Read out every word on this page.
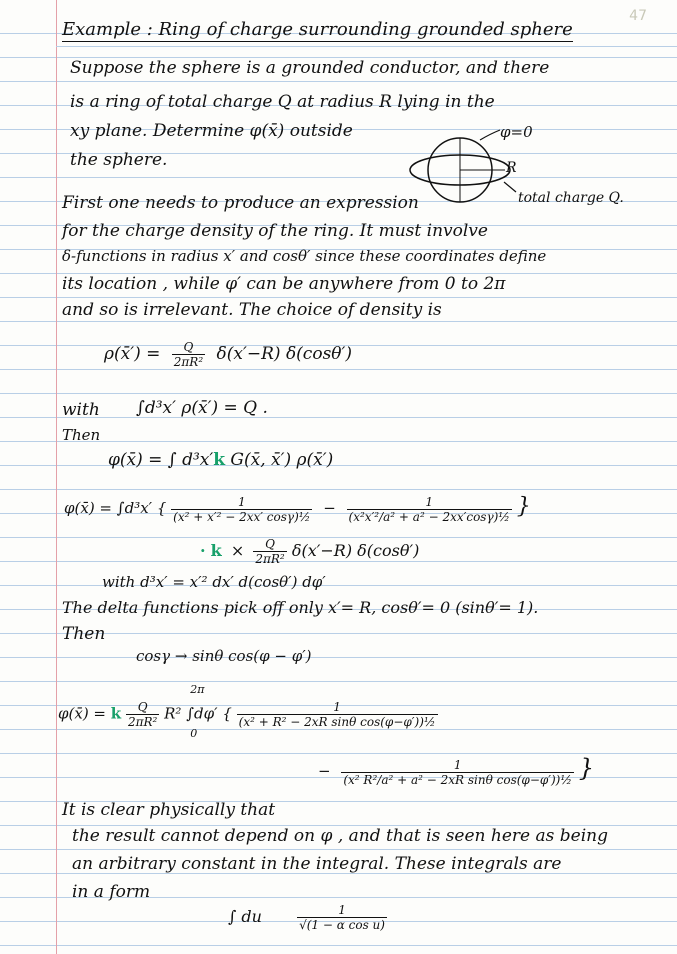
47
Example : Ring of charge surrounding grounded sphere
Suppose the sphere is a grounded conductor, and there
is a ring of total charge Q at radius R lying in the
xy plane. Determine φ(x̄) outside
the sphere.
φ=0
R
total charge Q.
First one needs to produce an expression
for the charge density of the ring. It must involve
δ-functions in radius x′ and cosθ′ since these coordinates define
its location , while φ′ can be anywhere from 0 to 2π
and so is irrelevant. The choice of density is
ρ(x̄′) = $\frac{Q}{\text{2πR²}} \delta(x'-R)$ δ(cosθ′)
with ∫d³x′ ρ(x̄′) = Q .
Then
φ(x̄) = ∫ d³x′k G(x̄, x̄′) ρ(x̄′)
φ(x̄) = ∫d³x′ { $\frac{1}{\text{(x² + x′² − 2xx′ cosγ)½}} - \frac{1}{\text{(x²x′²/a² + a² − 2xx′cosγ)½}}$ }
· $k \times \frac{Q}{\text{2πR²}} \delta(x'-R)$ δ(cosθ′)
with d³x′ = x′² dx′ d(cosθ′) dφ′
The delta functions pick off only x′= R, cosθ′= 0 (sinθ′= 1).
Then
cosγ → sinθ cos(φ − φ′)
φ(x̄) = k $\frac{Q}{\text{2πR²}} R^2$
2π
0
∫dφ′ { $\frac{1}{\text{(x² + R² − 2xR sinθ cos(φ−φ′))½}}$
− $\frac{1}{\text{(x² R²/a² + a² − 2xR sinθ cos(φ−φ′))½}}$ }
It is clear physically that
the result cannot depend on φ , and that is seen here as being
an arbitrary constant in the integral. These integrals are
in a form
∫ du	$\frac{1}{\text{√(1 − α cos u)}}$
